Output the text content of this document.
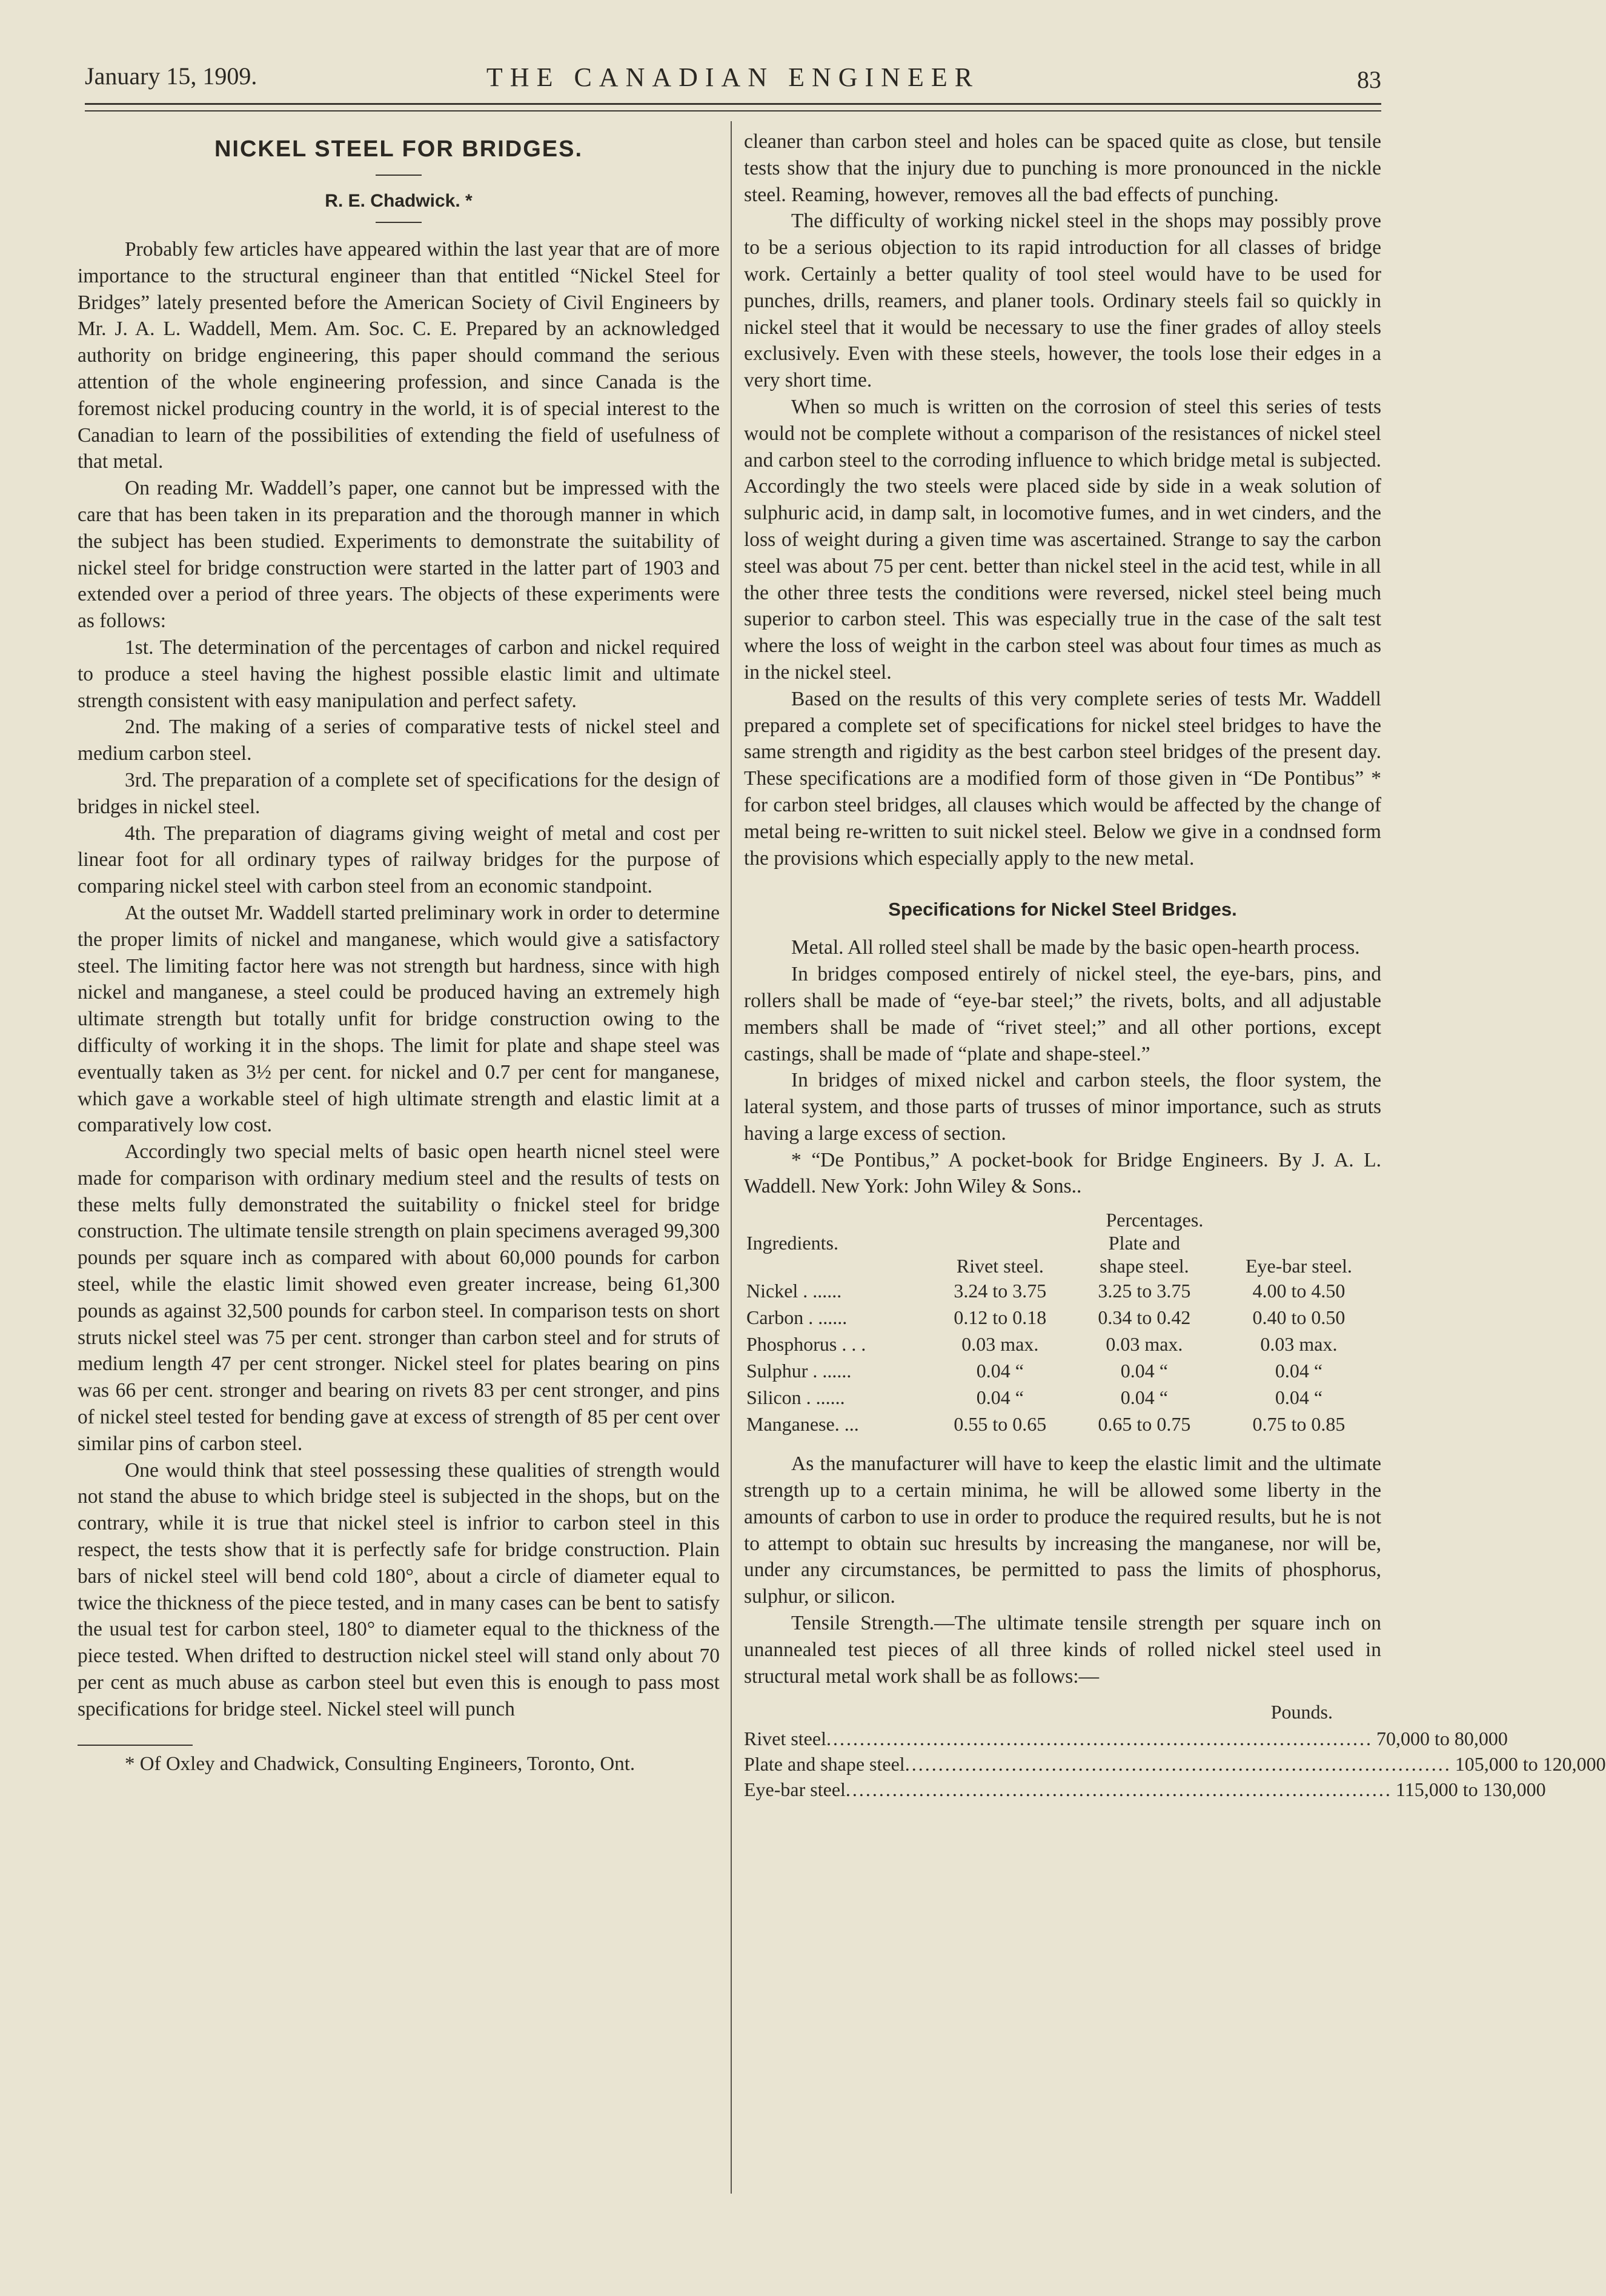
January 15, 1909.	THE CANADIAN ENGINEER	83
NICKEL STEEL FOR BRIDGES.
R. E. Chadwick. *

Probably few articles have appeared within the last year that are of more importance to the structural engineer than that entitled “Nickel Steel for Bridges” lately presented before the American Society of Civil Engineers by Mr. J. A. L. Waddell, Mem. Am. Soc. C. E. Prepared by an acknowledged authority on bridge engineering, this paper should command the serious attention of the whole engineering profession, and since Canada is the foremost nickel producing country in the world, it is of special interest to the Canadian to learn of the possibilities of extending the field of usefulness of that metal.

On reading Mr. Waddell’s paper, one cannot but be impressed with the care that has been taken in its preparation and the thorough manner in which the subject has been studied. Experiments to demonstrate the suitability of nickel steel for bridge construction were started in the latter part of 1903 and extended over a period of three years. The objects of these experiments were as follows:

1st. The determination of the percentages of carbon and nickel required to produce a steel having the highest possible elastic limit and ultimate strength consistent with easy manipulation and perfect safety.

2nd. The making of a series of comparative tests of nickel steel and medium carbon steel.

3rd. The preparation of a complete set of specifications for the design of bridges in nickel steel.

4th. The preparation of diagrams giving weight of metal and cost per linear foot for all ordinary types of railway bridges for the purpose of comparing nickel steel with carbon steel from an economic standpoint.

At the outset Mr. Waddell started preliminary work in order to determine the proper limits of nickel and manganese, which would give a satisfactory steel. The limiting factor here was not strength but hardness, since with high nickel and manganese, a steel could be produced having an extremely high ultimate strength but totally unfit for bridge construction owing to the difficulty of working it in the shops. The limit for plate and shape steel was eventually taken as 3½ per cent. for nickel and 0.7 per cent for manganese, which gave a workable steel of high ultimate strength and elastic limit at a comparatively low cost.

Accordingly two special melts of basic open hearth nicnel steel were made for comparison with ordinary medium steel and the results of tests on these melts fully demonstrated the suitability o fnickel steel for bridge construction. The ultimate tensile strength on plain specimens averaged 99,300 pounds per square inch as compared with about 60,000 pounds for carbon steel, while the elastic limit showed even greater increase, being 61,300 pounds as against 32,500 pounds for carbon steel. In comparison tests on short struts nickel steel was 75 per cent. stronger than carbon steel and for struts of medium length 47 per cent stronger. Nickel steel for plates bearing on pins was 66 per cent. stronger and bearing on rivets 83 per cent stronger, and pins of nickel steel tested for bending gave at excess of strength of 85 per cent over similar pins of carbon steel.

One would think that steel possessing these qualities of strength would not stand the abuse to which bridge steel is subjected in the shops, but on the contrary, while it is true that nickel steel is infrior to carbon steel in this respect, the tests show that it is perfectly safe for bridge construction. Plain bars of nickel steel will bend cold 180°, about a circle of diameter equal to twice the thickness of the piece tested, and in many cases can be bent to satisfy the usual test for carbon steel, 180° to diameter equal to the thickness of the piece tested. When drifted to destruction nickel steel will stand only about 70 per cent as much abuse as carbon steel but even this is enough to pass most specifications for bridge steel. Nickel steel will punch

* Of Oxley and Chadwick, Consulting Engineers, Toronto, Ont.

cleaner than carbon steel and holes can be spaced quite as close, but tensile tests show that the injury due to punching is more pronounced in the nickle steel. Reaming, however, removes all the bad effects of punching.

The difficulty of working nickel steel in the shops may possibly prove to be a serious objection to its rapid introduction for all classes of bridge work. Certainly a better quality of tool steel would have to be used for punches, drills, reamers, and planer tools. Ordinary steels fail so quickly in nickel steel that it would be necessary to use the finer grades of alloy steels exclusively. Even with these steels, however, the tools lose their edges in a very short time.

When so much is written on the corrosion of steel this series of tests would not be complete without a comparison of the resistances of nickel steel and carbon steel to the corroding influence to which bridge metal is subjected. Accordingly the two steels were placed side by side in a weak solution of sulphuric acid, in damp salt, in locomotive fumes, and in wet cinders, and the loss of weight during a given time was ascertained. Strange to say the carbon steel was about 75 per cent. better than nickel steel in the acid test, while in all the other three tests the conditions were reversed, nickel steel being much superior to carbon steel. This was especially true in the case of the salt test where the loss of weight in the carbon steel was about four times as much as in the nickel steel.

Based on the results of this very complete series of tests Mr. Waddell prepared a complete set of specifications for nickel steel bridges to have the same strength and rigidity as the best carbon steel bridges of the present day. These specifications are a modified form of those given in “De Pontibus” * for carbon steel bridges, all clauses which would be affected by the change of metal being re-written to suit nickel steel. Below we give in a condnsed form the provisions which especially apply to the new metal.

Specifications for Nickel Steel Bridges.

Metal. All rolled steel shall be made by the basic open-hearth process.

In bridges composed entirely of nickel steel, the eye-bars, pins, and rollers shall be made of “eye-bar steel;” the rivets, bolts, and all adjustable members shall be made of “rivet steel;” and all other portions, except castings, shall be made of “plate and shape-steel.”

In bridges of mixed nickel and carbon steels, the floor system, the lateral system, and those parts of trusses of minor importance, such as struts having a large excess of section.

* “De Pontibus,” A pocket-book for Bridge Engineers. By J. A. L. Waddell. New York: John Wiley & Sons..

Ingredients.	Percentages.		
	Rivet steel.	Plate and	Eye-bar steel.
		shape steel.	
Nickel . ......	3.24 to 3.75	3.25 to 3.75	4.00 to 4.50
Carbon . ......	0.12 to 0.18	0.34 to 0.42	0.40 to 0.50
Phosphorus . . .	0.03 max.	0.03 max.	0.03 max.
Sulphur . ......	0.04 “	0.04 “	0.04 “
Silicon . ......	0.04 “	0.04 “	0.04 “
Manganese. ...	0.55 to 0.65	0.65 to 0.75	0.75 to 0.85

As the manufacturer will have to keep the elastic limit and the ultimate strength up to a certain minima, he will be allowed some liberty in the amounts of carbon to use in order to produce the required results, but he is not to attempt to obtain suc hresults by increasing the manganese, nor will be, under any circumstances, be permitted to pass the limits of phosphorus, sulphur, or silicon.

Tensile Strength.—The ultimate tensile strength per square inch on unannealed test pieces of all three kinds of rolled nickel steel used in structural metal work shall be as follows:—

Pounds.
Rivet steel .................................................................................. 70,000 to 80,000
Plate and shape steel .................................................................................. 105,000 to 120,000
Eye-bar steel .................................................................................. 115,000 to 130,000
